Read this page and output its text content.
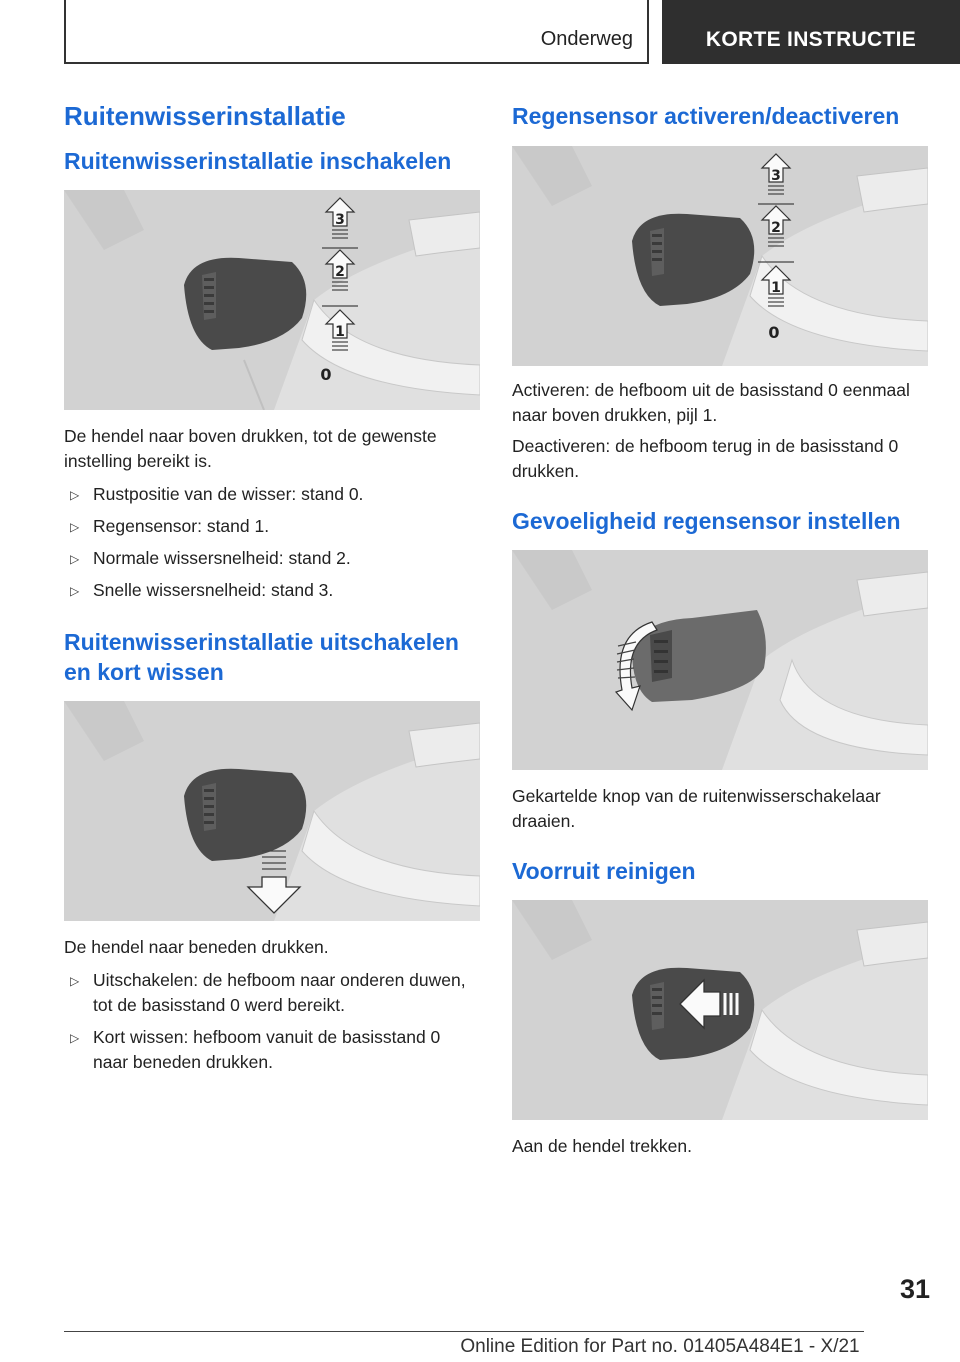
Onderweg	KORTE INSTRUCTIE
Ruitenwisserinstallatie
Ruitenwisserinstallatie inschakelen
1
2
3
0

De hendel naar boven drukken, tot de gewenste instelling bereikt is.

▷ Rustpositie van de wisser: stand 0.
▷ Regensensor: stand 1.
▷ Normale wissersnelheid: stand 2.
▷ Snelle wissersnelheid: stand 3.
Ruitenwisserinstallatie uitschakelen en kort wissen

De hendel naar beneden drukken.

▷ Uitschakelen: de hefboom naar onderen duwen, tot de basisstand 0 werd bereikt.
▷ Kort wissen: hefboom vanuit de basisstand 0 naar beneden drukken.
Regensensor activeren/deactiveren
1
2
3
0

Activeren: de hefboom uit de basisstand 0 eenmaal naar boven drukken, pijl 1.

Deactiveren: de hefboom terug in de basisstand 0 drukken.

Gevoeligheid regensensor instellen

Gekartelde knop van de ruitenwisserschakelaar draaien.

Voorruit reinigen

Aan de hendel trekken.

31
Online Edition for Part no. 01405A484E1 - X/21
